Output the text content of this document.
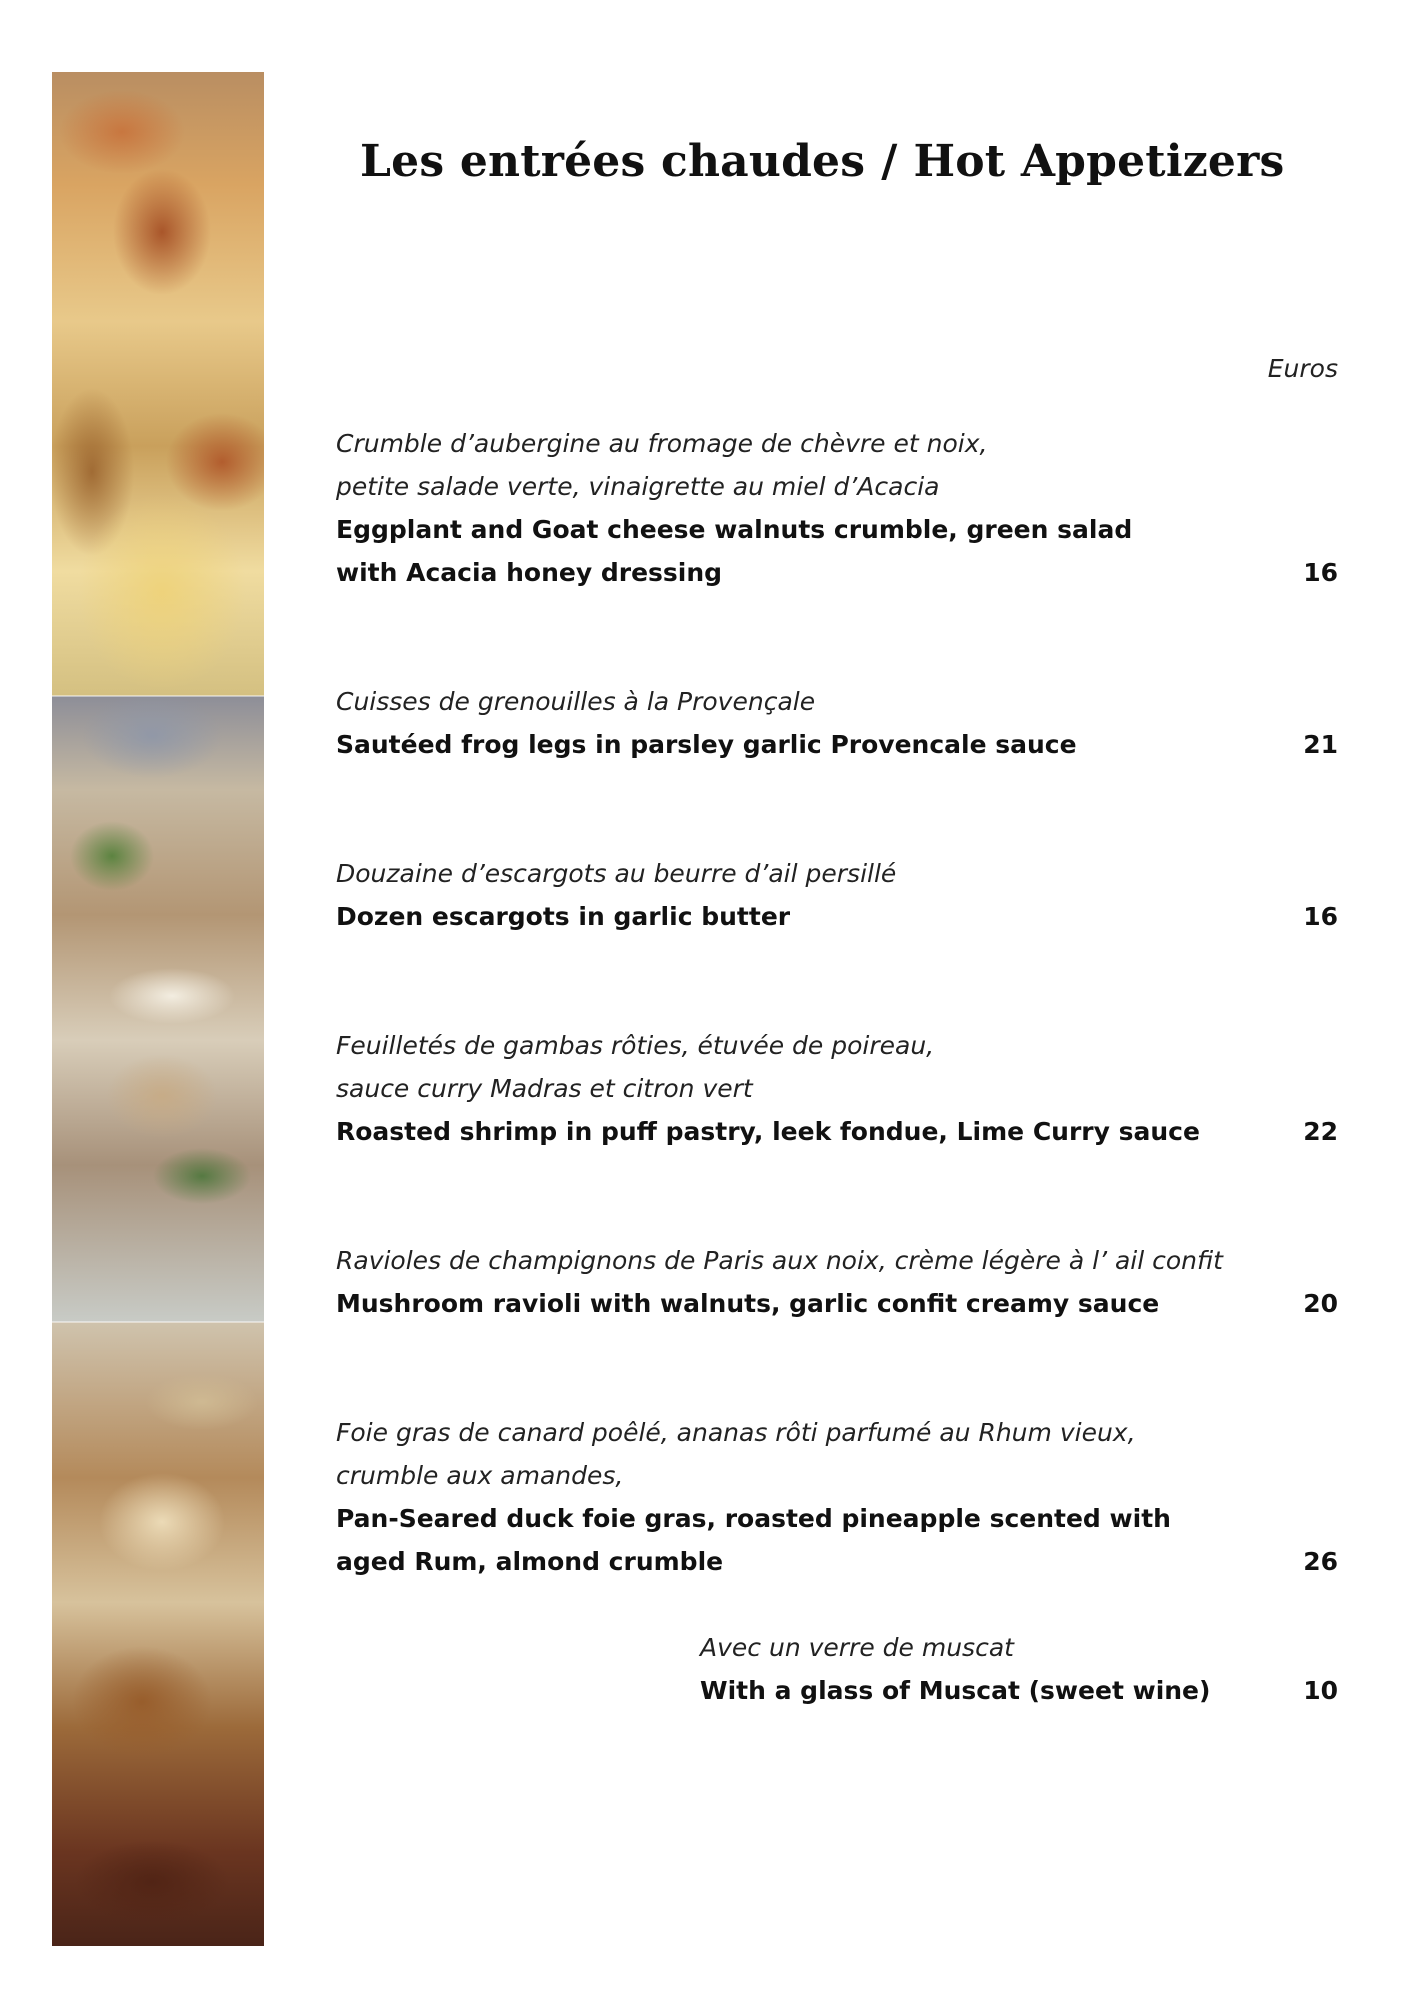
Les entrées chaudes / Hot Appetizers
Euros
Crumble d’aubergine au fromage de chèvre et noix,
petite salade verte, vinaigrette au miel d’Acacia
Eggplant and Goat cheese walnuts crumble, green salad
with Acacia honey dressing	16
Cuisses de grenouilles à la Provençale
Sautéed frog legs in parsley garlic Provencale sauce	21
Douzaine d’escargots au beurre d’ail persillé
Dozen escargots in garlic butter	16
Feuilletés de gambas rôties, étuvée de poireau,
sauce curry Madras et citron vert
Roasted shrimp in puff pastry, leek fondue, Lime Curry sauce	22
Ravioles de champignons de Paris aux noix, crème légère à l’ ail confit
Mushroom ravioli with walnuts, garlic confit creamy sauce	20
Foie gras de canard poêlé, ananas rôti parfumé au Rhum vieux,
crumble aux amandes,
Pan-Seared duck foie gras, roasted pineapple scented with
aged Rum, almond crumble	26
Avec un verre de muscat
With a glass of Muscat (sweet wine)	10
